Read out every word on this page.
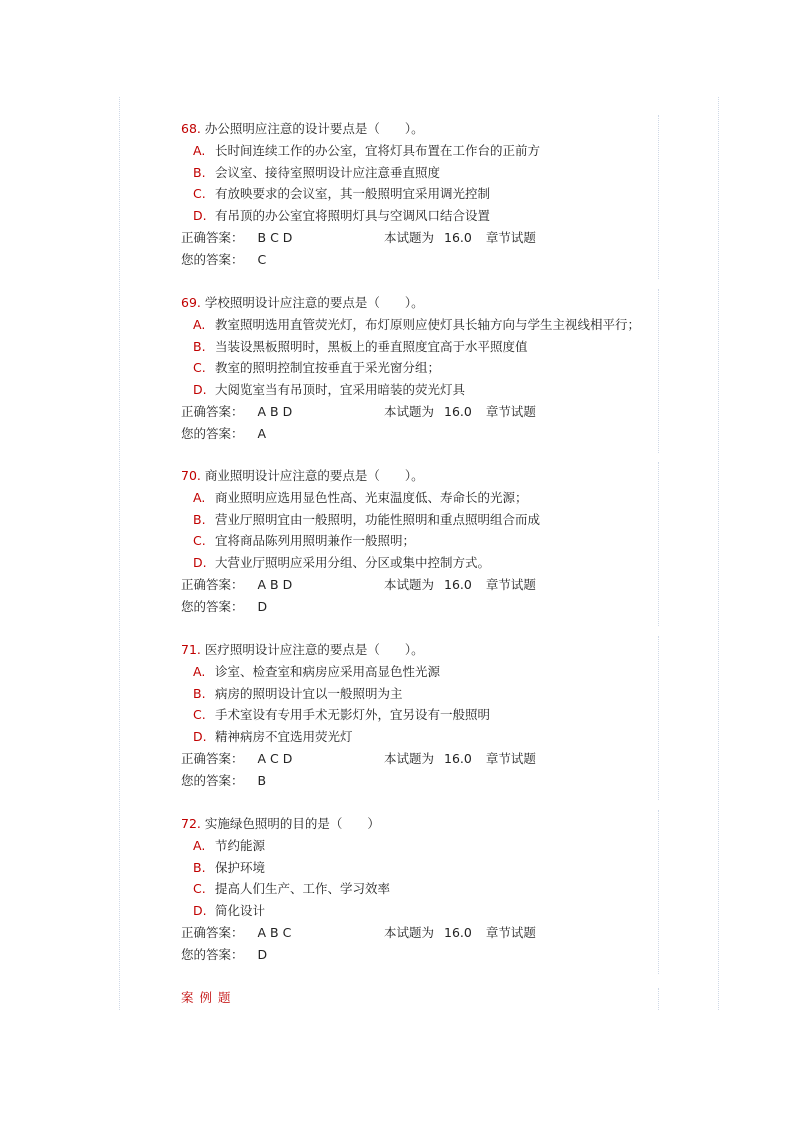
68. 办公照明应注意的设计要点是（　　）。
A. 长时间连续工作的办公室，宜将灯具布置在工作台的正前方
B. 会议室、接待室照明设计应注意垂直照度
C. 有放映要求的会议室，其一般照明宜采用调光控制
D. 有吊顶的办公室宜将照明灯具与空调风口结合设置
正确答案： B C D	本试题为 16.0 章节试题
您的答案： C
69. 学校照明设计应注意的要点是（　　）。
A. 教室照明选用直管荧光灯，布灯原则应使灯具长轴方向与学生主视线相平行；
B. 当装设黑板照明时，黑板上的垂直照度宜高于水平照度值
C. 教室的照明控制宜按垂直于采光窗分组；
D. 大阅览室当有吊顶时，宜采用暗装的荧光灯具
正确答案： A B D	本试题为 16.0 章节试题
您的答案： A
70. 商业照明设计应注意的要点是（　　）。
A. 商业照明应选用显色性高、光束温度低、寿命长的光源；
B. 营业厅照明宜由一般照明，功能性照明和重点照明组合而成
C. 宜将商品陈列用照明兼作一般照明；
D. 大营业厅照明应采用分组、分区或集中控制方式。
正确答案： A B D	本试题为 16.0 章节试题
您的答案： D
71. 医疗照明设计应注意的要点是（　　）。
A. 诊室、检查室和病房应采用高显色性光源
B. 病房的照明设计宜以一般照明为主
C. 手术室设有专用手术无影灯外，宜另设有一般照明
D. 精神病房不宜选用荧光灯
正确答案： A C D	本试题为 16.0 章节试题
您的答案： B
72. 实施绿色照明的目的是（　　）
A. 节约能源
B. 保护环境
C. 提高人们生产、工作、学习效率
D. 简化设计
正确答案： A B C	本试题为 16.0 章节试题
您的答案： D
案例题
